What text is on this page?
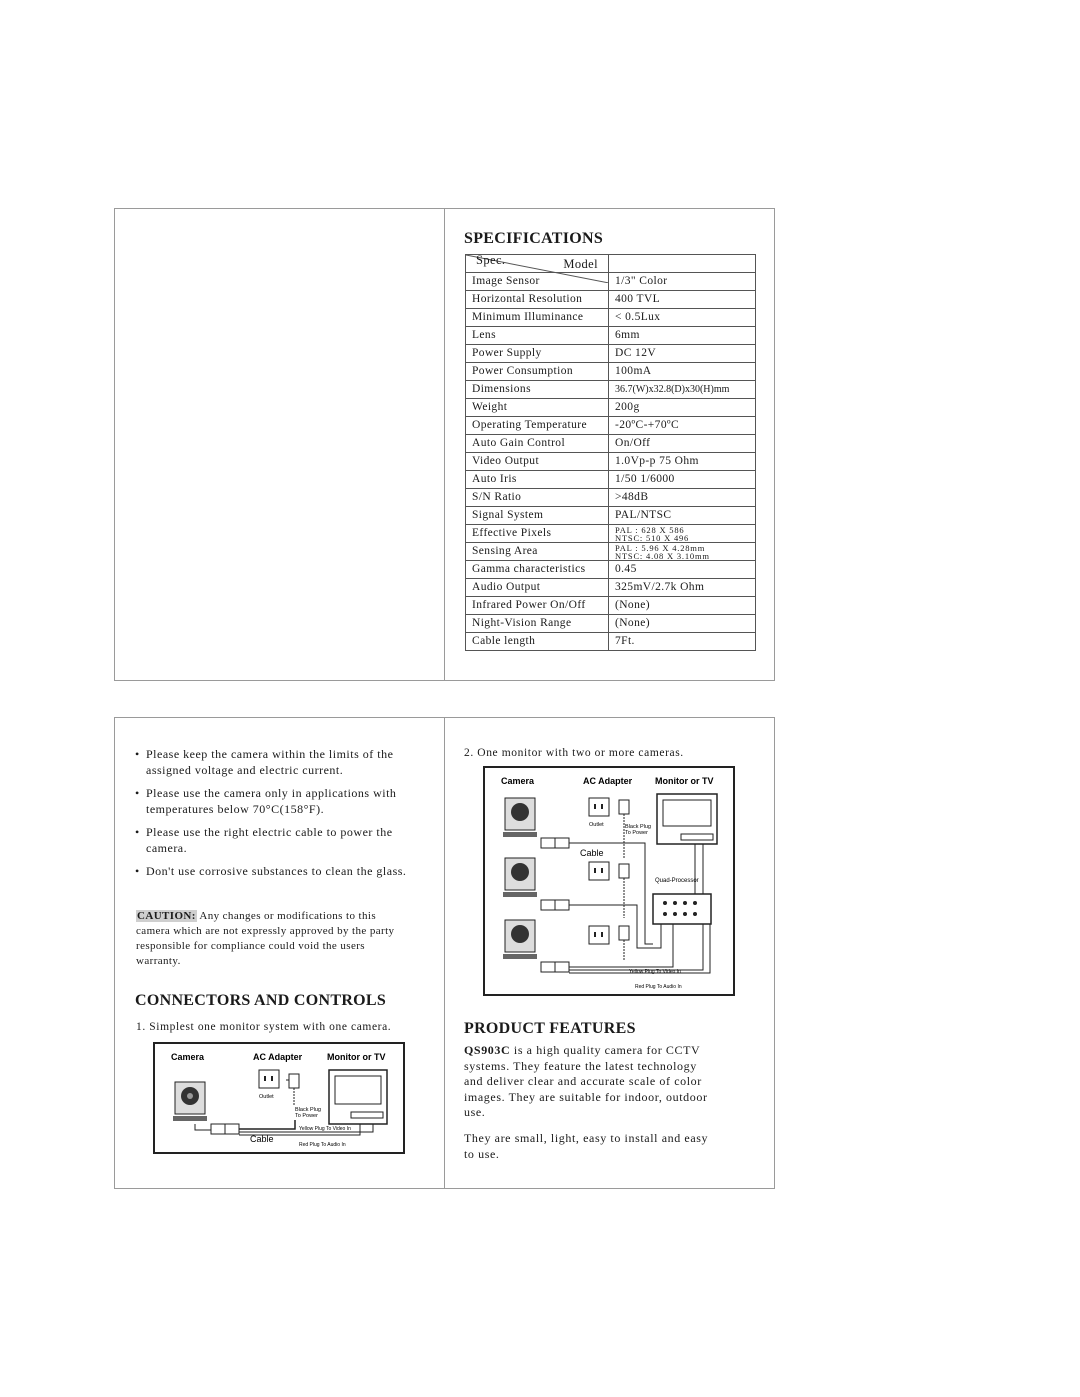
SPECIFICATIONS
Model
Spec.	

Image Sensor	1/3" Color
Horizontal Resolution	400 TVL
Minimum Illuminance	< 0.5Lux
Lens	6mm
Power Supply	DC 12V
Power Consumption	100mA
Dimensions	36.7(W)x32.8(D)x30(H)mm
Weight	200g
Operating Temperature	-20ºC-+70ºC
Auto Gain Control	On/Off
Video Output	1.0Vp-p 75 Ohm
Auto Iris	1/50 1/6000
S/N Ratio	>48dB
Signal System	PAL/NTSC
Effective Pixels	PAL : 628 X 586
NTSC: 510 X 496

Sensing Area	PAL : 5.96 X 4.28mm
NTSC: 4.08 X 3.10mm

Gamma characteristics	0.45
Audio Output	325mV/2.7k Ohm
Infrared Power On/Off	(None)
Night-Vision Range	(None)
Cable length	7Ft.
• Please keep the camera within the limits of the assigned voltage and electric current.
• Please use the camera only in applications with temperatures below 70°C(158°F).
• Please use the right electric cable to power the camera.
• Don't use corrosive substances to clean the glass.
CAUTION: Any changes or modifications to this camera which are not expressly approved by the party responsible for compliance could void the users warranty.
CONNECTORS AND CONTROLS
1. Simplest one monitor system with one camera.
Camera	AC Adapter	Monitor or TV
Outlet
Black Plug
To Power
Cable
Yellow Plug To Video In
Red Plug To Audio In
2. One monitor with two or more cameras.
Camera	AC Adapter	Monitor or TV
Outlet	Black Plug
To Power
Quad-Processor
Cable
Yellow Plug To Video In
Red Plug To Audio In
PRODUCT FEATURES

QS903C is a high quality camera for CCTV systems. They feature the latest technology and deliver clear and accurate scale of color images. They are suitable for indoor, outdoor use.

They are small, light, easy to install and easy to use.
